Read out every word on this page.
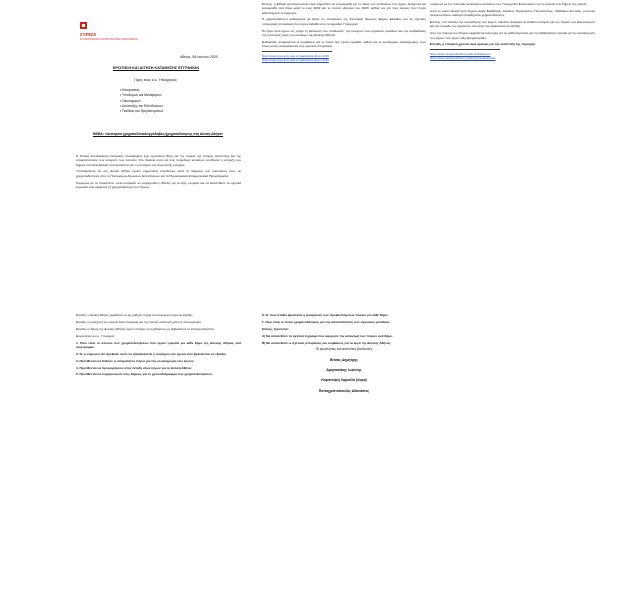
ΣΥΡΙΖΑ
ΣΥΝΑΣΠΙΣΜΟΣ ΡΙΖΟΣΠΑΣΤΙΚΗΣ ΑΡΙΣΤΕΡΑΣ
Αθήνα, 08 Ιουνίου 2020
ΕΡΩΤΗΣΗ ΚΑΙ ΑΙΤΗΣΗ ΚΑΤΑΘΕΣΗΣ ΕΓΓΡΑΦΩΝ
Προς τους κ.κ. Υπουργούς:
• Επικρατείας
• Υποδομών και Μεταφορών
• Οικονομικών
• Ανάπτυξης και Επενδύσεων
• Παιδείας και Θρησκευμάτων
ΘΕΜΑ: «Ανισηκασ χρηματοδοτικά/εργολαβίες/χρηματοδότησης στη Δυτική Αθήνα»

Η Τοπική Αυτοδιοίκηση εκλογικής πλειοψηφίας έχει σημαντική θέση για την πορεία της τοπικής ανάπτυξης και της αποκατάστασης των αναγκών των πολιτών. Στο πλαίσιο αυτό και στις περιόδους εκτάκτων συνθηκών η στήριξη των δήμων αποτελεί βασική προτεραιότητα για τη συνέχιση της κοινωνικής συνοχής.

Υπενθυμίζεται ότι στη Δυτική Αθήνα έγιναν σημαντικές επενδύσεις κατά τη διάρκεια των τελευταίων ετών με χρηματοδοτήσεις από το Πρόγραμμα Δημοσίων Επενδύσεων και τα Περιφερειακά Επιχειρησιακά Προγράμματα.

Σύμφωνα με τα παραπάνω, είναι αναγκαία να ενημερωθεί η Βουλή για τα εξής στοιχεία και να κατατεθούν τα σχετικά έγγραφα που αφορούν τη χρηματοδότηση των δήμων.

Επίσης, η Εθνική Αντιπροσωπεία είναι σημαντικό να ενημερωθεί για το ύψος των κονδυλίων που έχουν δεσμευτεί και εκταμιευθεί ανά δήμο κατά το έτος 2019 και το πρώτο εξάμηνο του 2020, καθώς και για τους λόγους που τυχόν καθυστερούν οι εγκρίσεις.

Η χρηματοδότηση καθορίζεται με βάση τις αποφάσεις της Κεντρικής Ένωσης Δήμων Ελλάδος και τις σχετικές υπουργικές αποφάσεις που έχουν εκδοθεί από τα αρμόδια Υπουργεία.

Τα έργα αυτά έχουν ως στόχο τη βελτίωση των υποδομών, την ενίσχυση των σχολικών μονάδων και την αναβάθμιση της ποιότητας ζωής των κατοίκων της Δυτικής Αθήνας.

Ενδεικτικά, αναφέρονται οι συμβάσεις και τα ποσά που έχουν εγκριθεί, καθώς και οι προθεσμίες ολοκλήρωσης τους όπως αυτές αναγράφονται στις σχετικές αποφάσεις.

https://www.ypes.gr/synolo-xrimatodotisis-dimon-2019
https://www.ypes.gr/synolo-xrimatodotisis-dimon-2020

σύμφωνα με τον τελευταίο εκτεταμένο κατάλογο του Υπουργείου Εσωτερικών για το σύνολο των δήμων της χώρας.

Αυτό το ποσό αφορά τους δήμους Αγίας Βαρβάρας, Αιγάλεω, Περιστερίου, Πετρούπολης, Χαϊδαρίου και Ιλίου, οι οποίοι αντιμετωπίζουν σοβαρά προβλήματα χρηματοδότησης.

Επίσης, στο πλαίσιο της προώθησης των έργων, κρίνεται αναγκαίο να δοθούν στοιχεία για την πορεία των διαγωνισμών και την πρόοδο των εργασιών στα έργα που βρίσκονται σε εξέλιξη.

Από την πλευρά των δήμων εκφράζεται ανησυχία για τις καθυστερήσεις και την αβεβαιότητα σχετικά με την ολοκλήρωση των έργων που έχουν ήδη δρομολογηθεί.

Επειδή, η επόμενη χρονιά είναι κρίσιμη για την ανάπτυξη της περιοχής.

https://www.ministryofinterior.gr/dimoi/anakoinosi
https://www.ministryofinterior.gr/dimoi/xrimatodotiseis

Επειδή, η Δυτική Αθήνα χρειάζεται να μη χαθούν πόροι που αφορούν έργα σε εξέλιξη.

Επειδή, η συνέχιση των έργων είναι αναγκαία για την τοπική ανάπτυξη και την απασχόληση.

Επειδή, οι δήμοι της Δυτικής Αθήνας έχουν ανάγκη να σχεδιάσουν με βεβαιότητα τα επόμενα βήματα.

Ερωτώνται οι κ.κ. Υπουργοί:

1. Ποιο είναι το σύνολο των χρηματοδοτήσεων που έχουν εγκριθεί για κάθε δήμο της Δυτικής Αθήνας ανά πρόγραμμα;

2. Σε τι ενέργειες θα προβούν ώστε να εξασφαλιστεί η συνέχιση των έργων που βρίσκονται σε εξέλιξη;

3. Προτίθενται να δοθούν οι απαραίτητοι πόροι για την ολοκλήρωση των έργων;

4. Προτίθενται να προχωρήσουν στην ένταξη νέων έργων για τη Δυτική Αθήνα;

5. Προτίθενται να ενημερώσουν τους δήμους για το χρονοδιάγραμμα των χρηματοδοτήσεων;

6. Σε ποιο στάδιο βρίσκεται η εκταμίευση των προβλεπόμενων ποσών για κάθε δήμο;

7. Ποιο είναι το ποσό χρηματοδότησης για την αποκατάσταση των σχολικών μονάδων;

Επίσης ζητούνται:

Α) Να κατατεθούν τα σχετικά έγγραφα που αφορούν την κατανομή των πόρων ανά δήμο.

Β) Να κατατεθούν οι σχετικές αποφάσεις και συμβάσεις για τα έργα της Δυτικής Αθήνας.

Οι ερωτώντες και αιτούντες βουλευτές
Βίτσας Δημήτρης
Δραγασάκης Ιωάννης
Καφαντάρη Χαρούλα (Χαρά)
Παπαχριστόπουλος Αθανάσιος
